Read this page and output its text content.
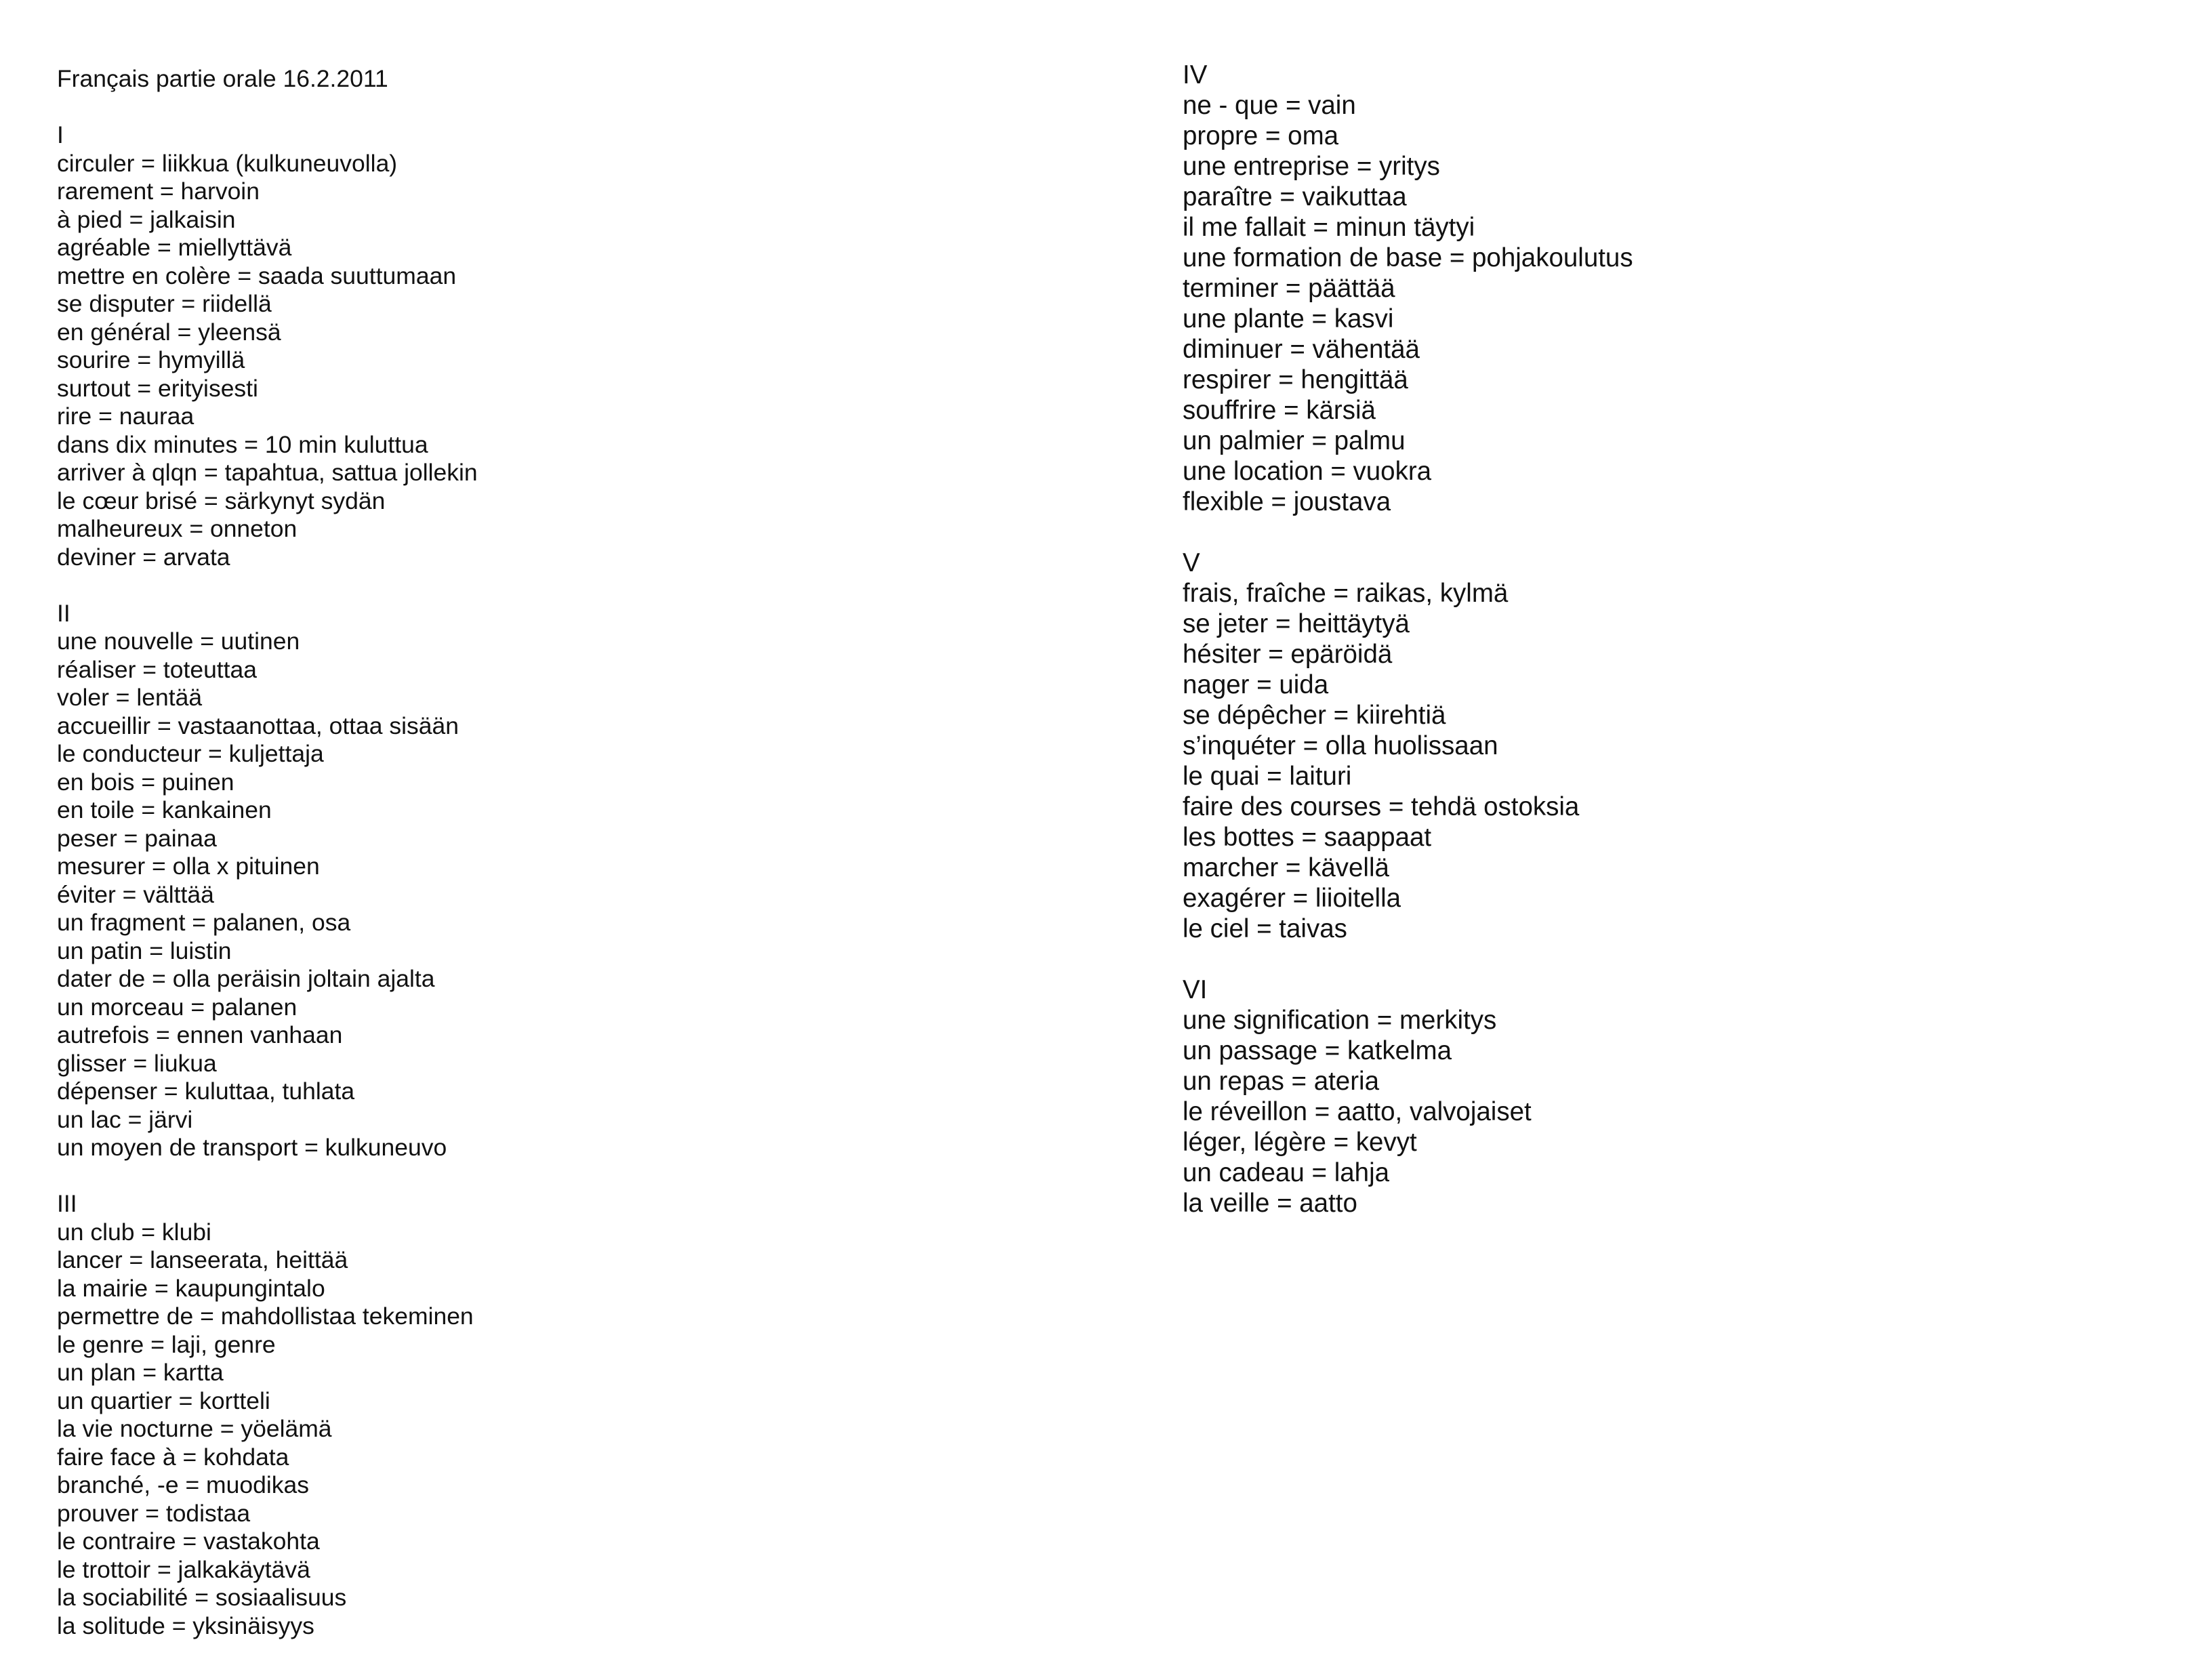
Français partie orale 16.2.2011

I

circuler = liikkua (kulkuneuvolla)

rarement = harvoin

à pied = jalkaisin

agréable = miellyttävä

mettre en colère = saada suuttumaan

se disputer = riidellä

en général = yleensä

sourire = hymyillä

surtout = erityisesti

rire = nauraa

dans dix minutes = 10 min kuluttua

arriver à qlqn = tapahtua, sattua jollekin

le cœur brisé = särkynyt sydän

malheureux = onneton

deviner = arvata

II

une nouvelle = uutinen

réaliser = toteuttaa

voler = lentää

accueillir = vastaanottaa, ottaa sisään

le conducteur = kuljettaja

en bois = puinen

en toile = kankainen

peser = painaa

mesurer = olla x pituinen

éviter = välttää

un fragment = palanen, osa

un patin = luistin

dater de = olla peräisin joltain ajalta

un morceau = palanen

autrefois = ennen vanhaan

glisser = liukua

dépenser = kuluttaa, tuhlata

un lac = järvi

un moyen de transport = kulkuneuvo

III

un club = klubi

lancer = lanseerata, heittää

la mairie = kaupungintalo

permettre de = mahdollistaa tekeminen

le genre = laji, genre

un plan = kartta

un quartier = kortteli

la vie nocturne = yöelämä

faire face à = kohdata

branché, -e = muodikas

prouver = todistaa

le contraire = vastakohta

le trottoir = jalkakäytävä

la sociabilité = sosiaalisuus

la solitude = yksinäisyys

IV

ne - que = vain

propre = oma

une entreprise = yritys

paraître = vaikuttaa

il me fallait = minun täytyi

une formation de base = pohjakoulutus

terminer = päättää

une plante = kasvi

diminuer = vähentää

respirer = hengittää

souffrire = kärsiä

un palmier = palmu

une location = vuokra

flexible = joustava

V

frais, fraîche = raikas, kylmä

se jeter = heittäytyä

hésiter = epäröidä

nager = uida

se dépêcher = kiirehtiä

s’inquéter = olla huolissaan

le quai = laituri

faire des courses = tehdä ostoksia

les bottes = saappaat

marcher = kävellä

exagérer = liioitella

le ciel = taivas

VI

une signification = merkitys

un passage = katkelma

un repas = ateria

le réveillon = aatto, valvojaiset

léger, légère = kevyt

un cadeau = lahja

la veille = aatto
